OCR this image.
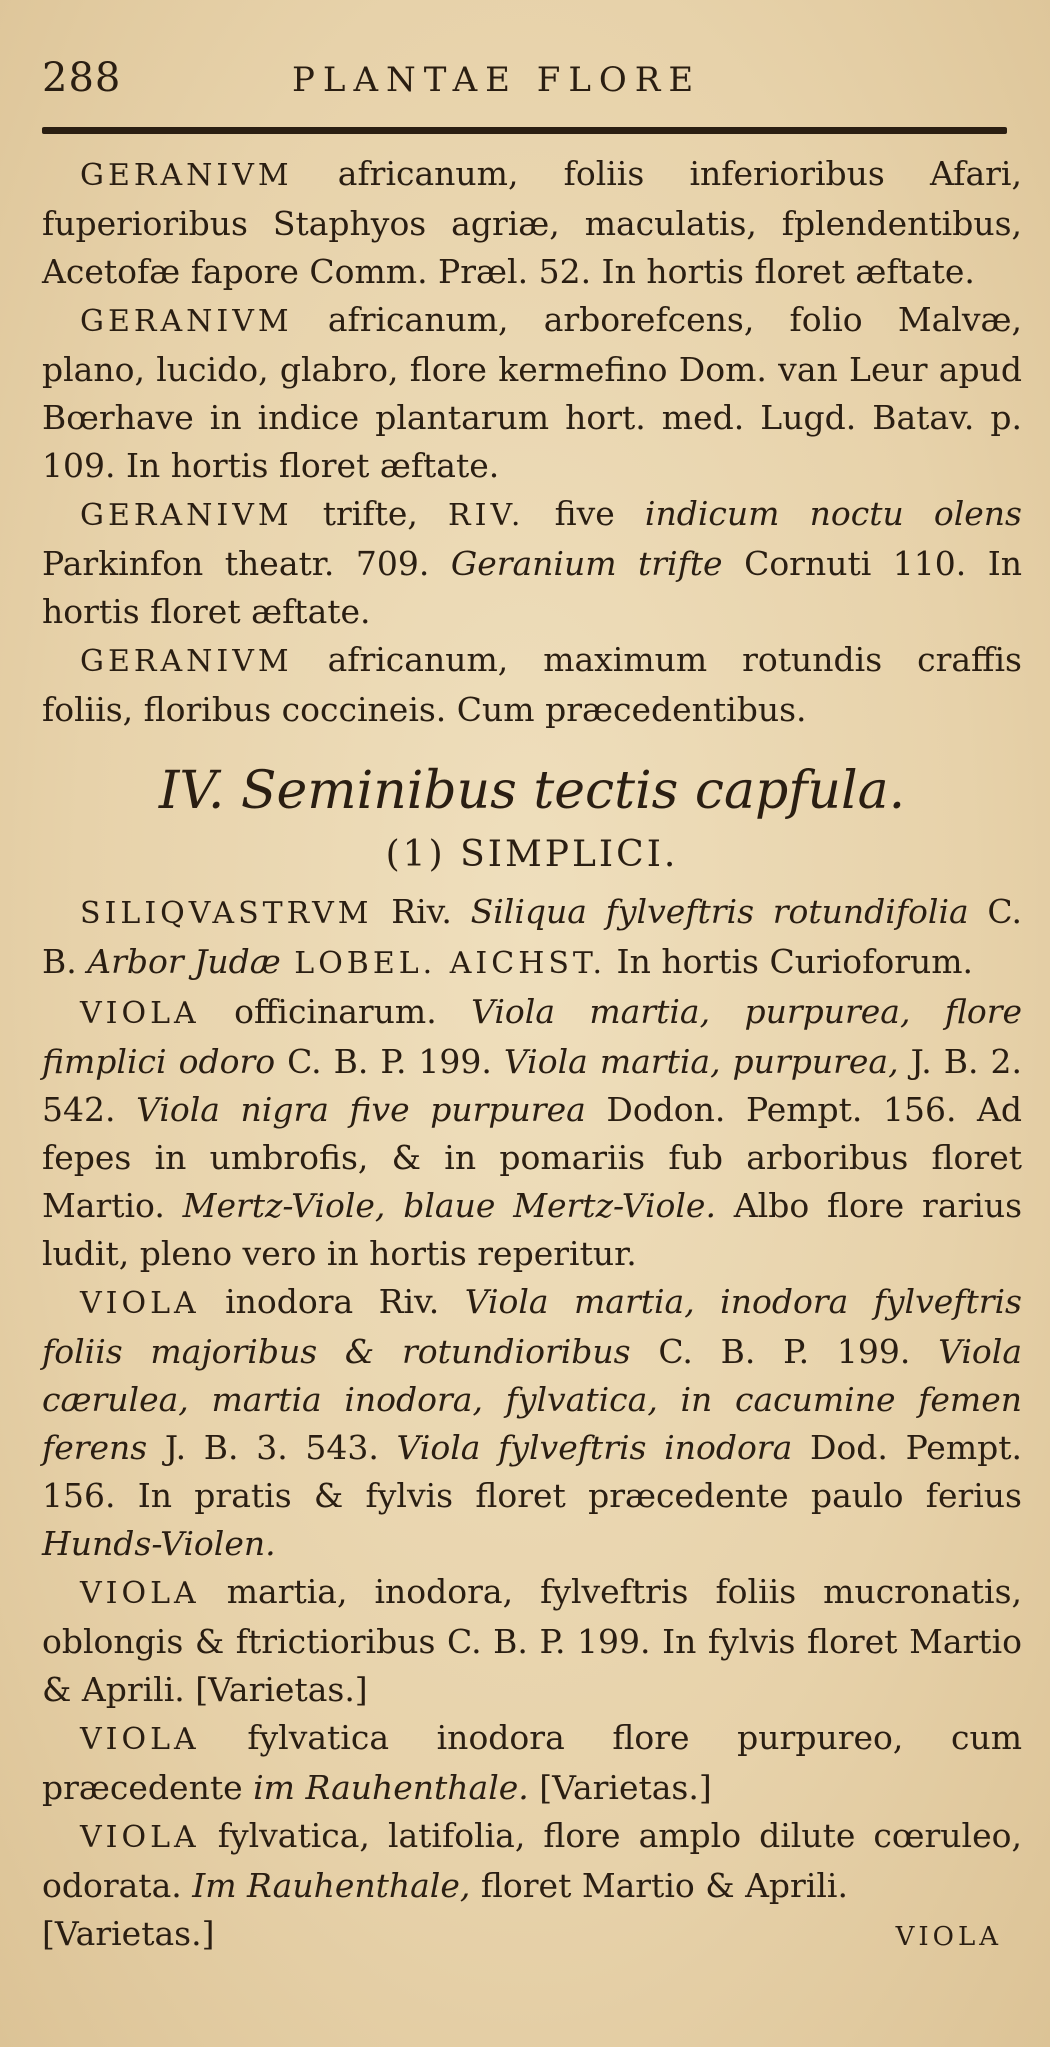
288	PLANTAE FLORE

GERANIVM africanum, foliis inferioribus Afari, fuperioribus Staphyos agriæ, maculatis, fplendentibus, Acetofæ fapore Comm. Præl. 52. In hortis floret æftate.

GERANIVM africanum, arborefcens, folio Malvæ, plano, lucido, glabro, flore kermefino Dom. van Leur apud Bœrhave in indice plantarum hort. med. Lugd. Batav. p. 109. In hortis floret æftate.

GERANIVM trifte, RIV. five indicum noctu olens Parkinfon theatr. 709. Geranium trifte Cornuti 110. In hortis floret æftate.

GERANIVM africanum, maximum rotundis craffis foliis, floribus coccineis. Cum præcedentibus.

IV. Seminibus tectis capfula.
(1) SIMPLICI.

SILIQVASTRVM Riv. Siliqua fylveftris rotundifolia C. B. Arbor Judæ LOBEL. AICHST. In hortis Curioforum.

VIOLA officinarum. Viola martia, purpurea, flore fimplici odoro C. B. P. 199. Viola martia, purpurea, J. B. 2. 542. Viola nigra five purpurea Dodon. Pempt. 156. Ad fepes in umbrofis, & in pomariis fub arboribus floret Martio. Mertz-Viole, blaue Mertz-Viole. Albo flore rarius ludit, pleno vero in hortis reperitur.

VIOLA inodora Riv. Viola martia, inodora fylveftris foliis majoribus & rotundioribus C. B. P. 199. Viola cærulea, martia inodora, fylvatica, in cacumine femen ferens J. B. 3. 543. Viola fylveftris inodora Dod. Pempt. 156. In pratis & fylvis floret præcedente paulo ferius Hunds-Violen.

VIOLA martia, inodora, fylveftris foliis mucronatis, oblongis & ftrictioribus C. B. P. 199. In fylvis floret Martio & Aprili. [Varietas.]

VIOLA fylvatica inodora flore purpureo, cum præcedente im Rauhenthale. [Varietas.]

VIOLA fylvatica, latifolia, flore amplo dilute cœruleo, odorata. Im Rauhenthale, floret Martio & Aprili.

[Varietas.]	VIOLA
